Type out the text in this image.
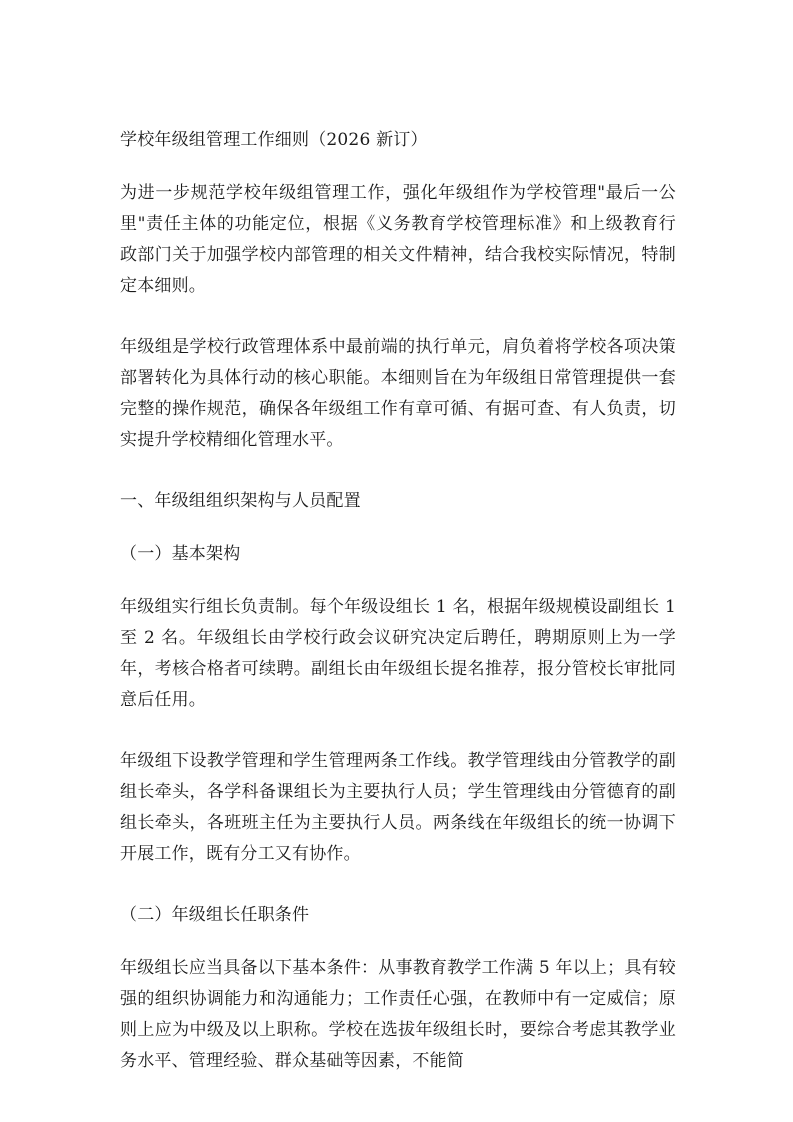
学校年级组管理工作细则（2026 新订）

为进一步规范学校年级组管理工作，强化年级组作为学校管理"最后一公里"责任主体的功能定位，根据《义务教育学校管理标准》和上级教育行政部门关于加强学校内部管理的相关文件精神，结合我校实际情况，特制定本细则。

年级组是学校行政管理体系中最前端的执行单元，肩负着将学校各项决策部署转化为具体行动的核心职能。本细则旨在为年级组日常管理提供一套完整的操作规范，确保各年级组工作有章可循、有据可查、有人负责，切实提升学校精细化管理水平。

一、年级组组织架构与人员配置

（一）基本架构

年级组实行组长负责制。每个年级设组长 1 名，根据年级规模设副组长 1 至 2 名。年级组长由学校行政会议研究决定后聘任，聘期原则上为一学年，考核合格者可续聘。副组长由年级组长提名推荐，报分管校长审批同意后任用。

年级组下设教学管理和学生管理两条工作线。教学管理线由分管教学的副组长牵头，各学科备课组长为主要执行人员；学生管理线由分管德育的副组长牵头，各班班主任为主要执行人员。两条线在年级组长的统一协调下开展工作，既有分工又有协作。

（二）年级组长任职条件

年级组长应当具备以下基本条件：从事教育教学工作满 5 年以上；具有较强的组织协调能力和沟通能力；工作责任心强，在教师中有一定威信；原则上应为中级及以上职称。学校在选拔年级组长时，要综合考虑其教学业务水平、管理经验、群众基础等因素，不能简
